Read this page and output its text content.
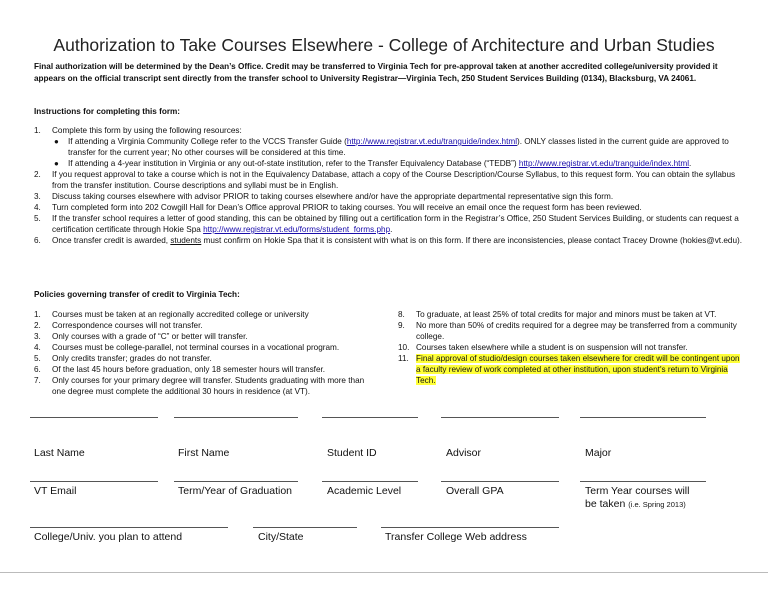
Authorization to Take Courses Elsewhere - College of Architecture and Urban Studies
Final authorization will be determined by the Dean’s Office. Credit may be transferred to Virginia Tech for pre-approval taken at another accredited college/university provided it appears on the official transcript sent directly from the transfer school to University Registrar—Virginia Tech, 250 Student Services Building (0134), Blacksburg, VA 24061.
Instructions for completing this form:
1. Complete this form by using the following resources:
● If attending a Virginia Community College refer to the VCCS Transfer Guide (http://www.registrar.vt.edu/tranguide/index.html). ONLY classes listed in the current guide are approved to transfer for the current year; No other courses will be considered at this time.
● If attending a 4-year institution in Virginia or any out-of-state institution, refer to the Transfer Equivalency Database (“TEDB”) http://www.registrar.vt.edu/tranguide/index.html.
2. If you request approval to take a course which is not in the Equivalency Database, attach a copy of the Course Description/Course Syllabus, to this request form. You can obtain the syllabus from the transfer institution. Course descriptions and syllabi must be in English.
3. Discuss taking courses elsewhere with advisor PRIOR to taking courses elsewhere and/or have the appropriate departmental representative sign this form.
4. Turn completed form into 202 Cowgill Hall for Dean’s Office approval PRIOR to taking courses. You will receive an email once the request form has been reviewed.
5. If the transfer school requires a letter of good standing, this can be obtained by filling out a certification form in the Registrar’s Office, 250 Student Services Building, or students can request a certification certificate through Hokie Spa http://www.registrar.vt.edu/forms/student_forms.php.
6. Once transfer credit is awarded, students must confirm on Hokie Spa that it is consistent with what is on this form. If there are inconsistencies, please contact Tracey Drowne (hokies@vt.edu).
Policies governing transfer of credit to Virginia Tech:
1. Courses must be taken at an regionally accredited college or university
2. Correspondence courses will not transfer.
3. Only courses with a grade of “C” or better will transfer.
4. Courses must be college-parallel, not terminal courses in a vocational program.
5. Only credits transfer; grades do not transfer.
6. Of the last 45 hours before graduation, only 18 semester hours will transfer.
7. Only courses for your primary degree will transfer. Students graduating with more than one degree must complete the additional 30 hours in residence (at VT).
8. To graduate, at least 25% of total credits for major and minors must be taken at VT.
9. No more than 50% of credits required for a degree may be transferred from a community college.
10. Courses taken elsewhere while a student is on suspension will not transfer.
11. Final approval of studio/design courses taken elsewhere for credit will be contingent upon a faculty review of work completed at other institution, upon student's return to Virginia Tech.
Last Name	First Name	Student ID	Advisor	Major
VT Email	Term/Year of Graduation	Academic Level	Overall GPA	Term Year courses will
be taken (i.e. Spring 2013)
College/Univ. you plan to attend	City/State	Transfer College Web address
